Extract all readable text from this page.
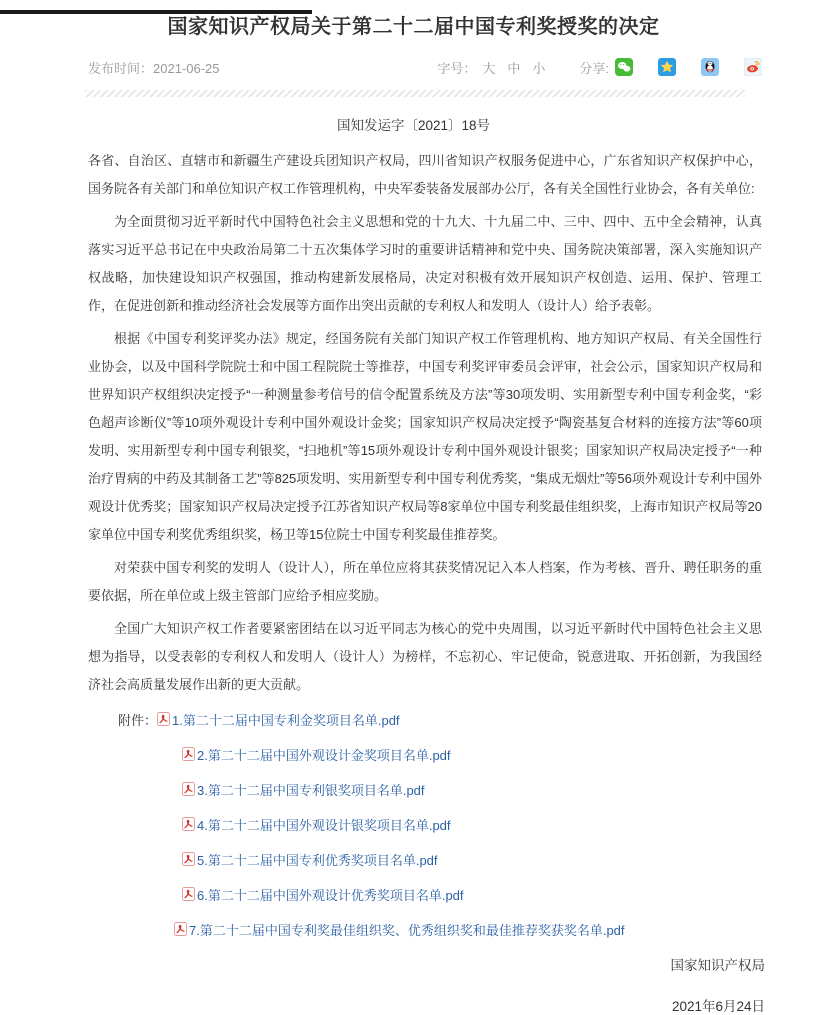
国家知识产权局关于第二十二届中国专利奖授奖的决定
发布时间：2021-06-25	字号： 大 中 小	分享:
国知发运字〔2021〕18号

各省、自治区、直辖市和新疆生产建设兵团知识产权局，四川省知识产权服务促进中心，广东省知识产权保护中心，国务院各有关部门和单位知识产权工作管理机构，中央军委装备发展部办公厅，各有关全国性行业协会，各有关单位:

为全面贯彻习近平新时代中国特色社会主义思想和党的十九大、十九届二中、三中、四中、五中全会精神，认真落实习近平总书记在中央政治局第二十五次集体学习时的重要讲话精神和党中央、国务院决策部署，深入实施知识产权战略，加快建设知识产权强国，推动构建新发展格局，决定对积极有效开展知识产权创造、运用、保护、管理工作，在促进创新和推动经济社会发展等方面作出突出贡献的专利权人和发明人（设计人）给予表彰。

根据《中国专利奖评奖办法》规定，经国务院有关部门知识产权工作管理机构、地方知识产权局、有关全国性行业协会，以及中国科学院院士和中国工程院院士等推荐，中国专利奖评审委员会评审，社会公示，国家知识产权局和世界知识产权组织决定授予“一种测量参考信号的信令配置系统及方法”等30项发明、实用新型专利中国专利金奖，“彩色超声诊断仪”等10项外观设计专利中国外观设计金奖；国家知识产权局决定授予“陶瓷基复合材料的连接方法”等60项发明、实用新型专利中国专利银奖，“扫地机”等15项外观设计专利中国外观设计银奖；国家知识产权局决定授予“一种治疗胃病的中药及其制备工艺”等825项发明、实用新型专利中国专利优秀奖，“集成无烟灶”等56项外观设计专利中国外观设计优秀奖；国家知识产权局决定授予江苏省知识产权局等8家单位中国专利奖最佳组织奖，上海市知识产权局等20家单位中国专利奖优秀组织奖，杨卫等15位院士中国专利奖最佳推荐奖。

对荣获中国专利奖的发明人（设计人），所在单位应将其获奖情况记入本人档案，作为考核、晋升、聘任职务的重要依据，所在单位或上级主管部门应给予相应奖励。

全国广大知识产权工作者要紧密团结在以习近平同志为核心的党中央周围，以习近平新时代中国特色社会主义思想为指导，以受表彰的专利权人和发明人（设计人）为榜样，不忘初心、牢记使命，锐意进取、开拓创新，为我国经济社会高质量发展作出新的更大贡献。

附件： 1.第二十二届中国专利金奖项目名单.pdf
2.第二十二届中国外观设计金奖项目名单.pdf
3.第二十二届中国专利银奖项目名单.pdf
4.第二十二届中国外观设计银奖项目名单.pdf
5.第二十二届中国专利优秀奖项目名单.pdf
6.第二十二届中国外观设计优秀奖项目名单.pdf
7.第二十二届中国专利奖最佳组织奖、优秀组织奖和最佳推荐奖获奖名单.pdf
国家知识产权局
2021年6月24日
